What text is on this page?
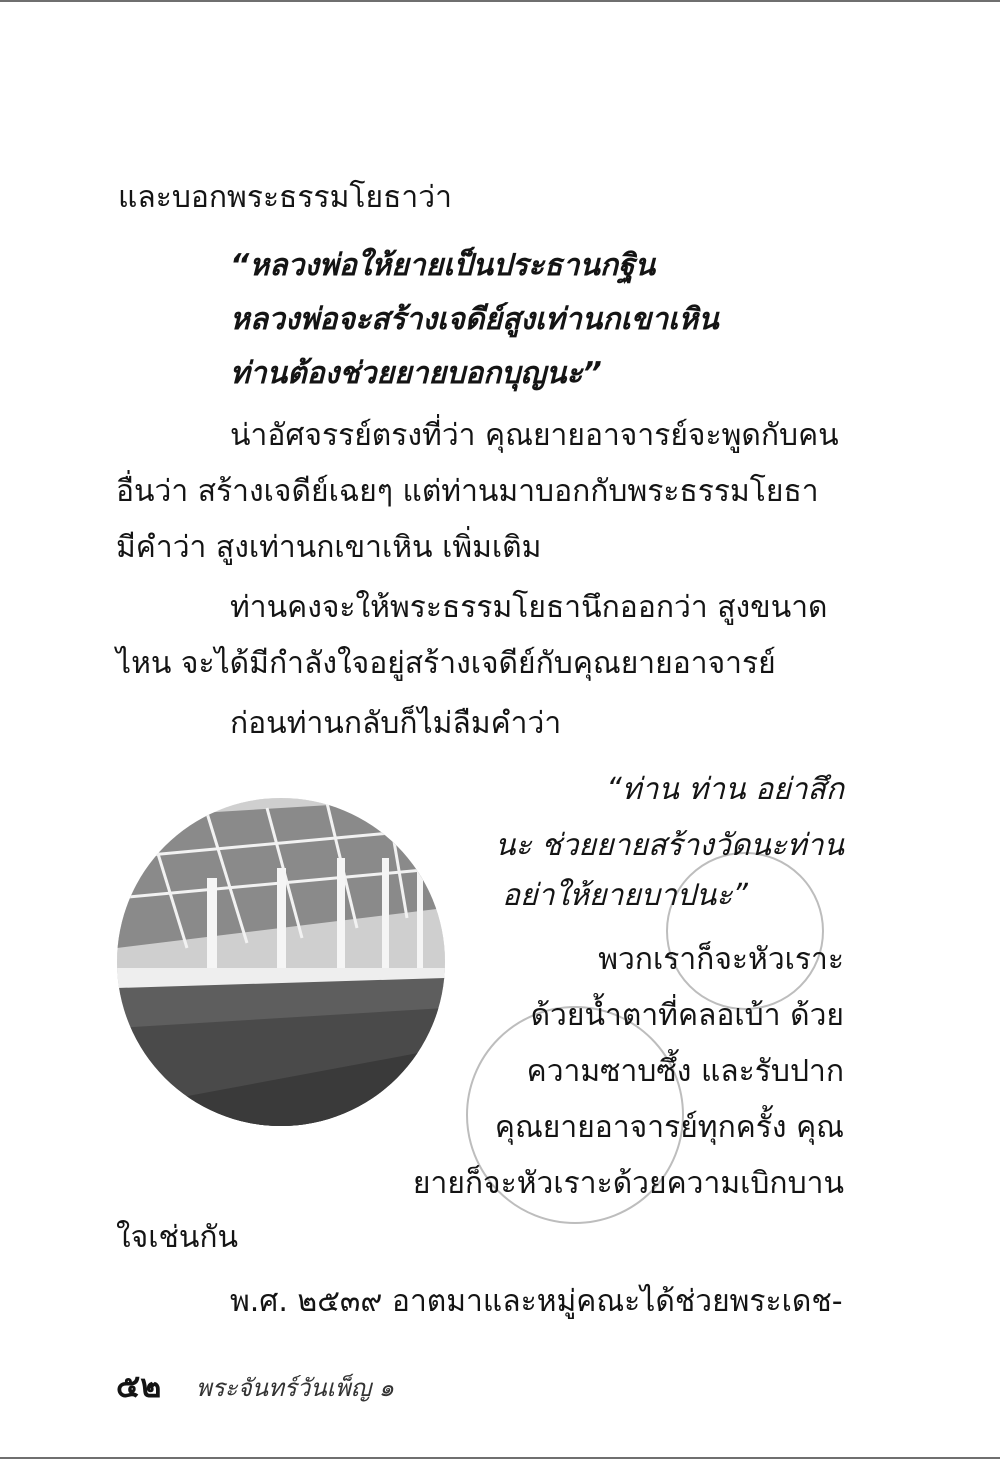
และบอกพระธรรมโยธาว่า
“หลวงพ่อให้ยายเป็นประธานกฐิน
หลวงพ่อจะสร้างเจดีย์สูงเท่านกเขาเหิน
ท่านต้องช่วยยายบอกบุญนะ”
น่าอัศจรรย์ตรงที่ว่า คุณยายอาจารย์จะพูดกับคน
อื่นว่า สร้างเจดีย์เฉยๆ แต่ท่านมาบอกกับพระธรรมโยธา
มีคำว่า สูงเท่านกเขาเหิน เพิ่มเติม
ท่านคงจะให้พระธรรมโยธานึกออกว่า สูงขนาด
ไหน จะได้มีกำลังใจอยู่สร้างเจดีย์กับคุณยายอาจารย์
ก่อนท่านกลับก็ไม่ลืมคำว่า
“ท่าน ท่าน อย่าสึก
นะ ช่วยยายสร้างวัดนะท่าน
อย่าให้ยายบาปนะ”
พวกเราก็จะหัวเราะ
ด้วยน้ำตาที่คลอเบ้า ด้วย
ความซาบซึ้ง และรับปาก
คุณยายอาจารย์ทุกครั้ง คุณ
ยายก็จะหัวเราะด้วยความเบิกบาน
ใจเช่นกัน
พ.ศ. ๒๕๓๙ อาตมาและหมู่คณะได้ช่วยพระเดช-
๕๒ พระจันทร์วันเพ็ญ ๑
